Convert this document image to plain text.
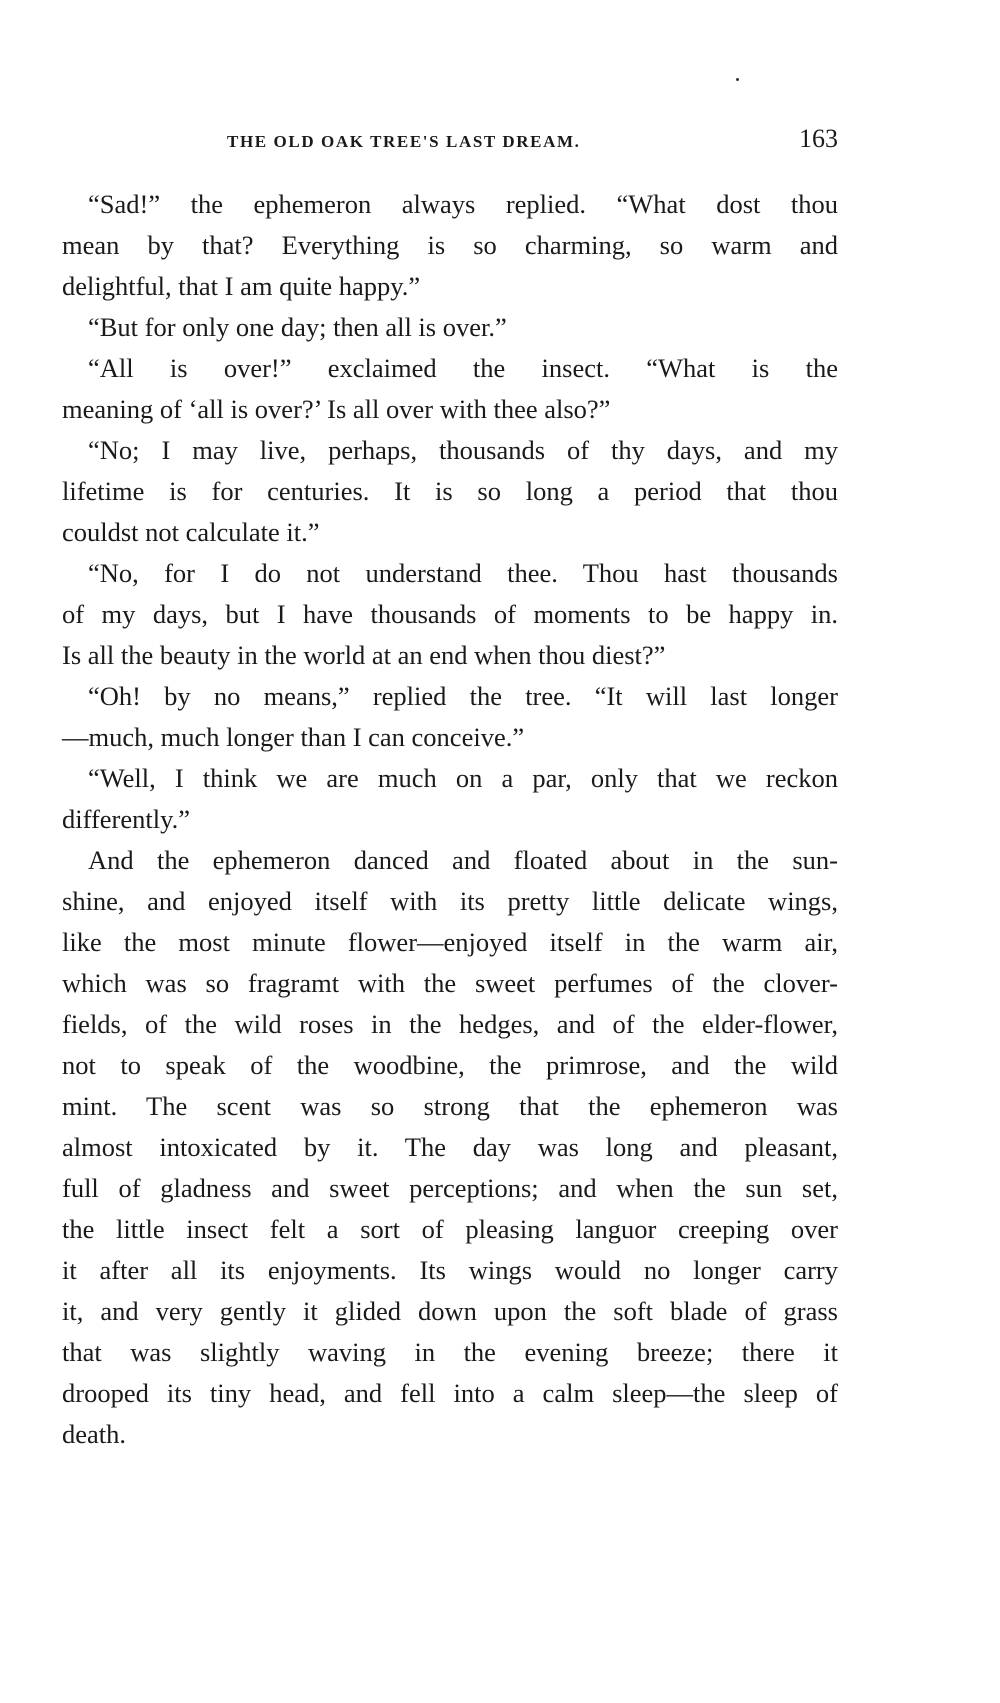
THE OLD OAK TREE'S LAST DREAM.	163
“Sad!” the ephemeron always replied. “What dost thou
mean by that? Everything is so charming, so warm and
delightful, that I am quite happy.”
“But for only one day; then all is over.”
“All is over!” exclaimed the insect. “What is the
meaning of ‘all is over?’ Is all over with thee also?”
“No; I may live, perhaps, thousands of thy days, and my
lifetime is for centuries. It is so long a period that thou
couldst not calculate it.”
“No, for I do not understand thee. Thou hast thousands
of my days, but I have thousands of moments to be happy in.
Is all the beauty in the world at an end when thou diest?”
“Oh! by no means,” replied the tree. “It will last longer
—much, much longer than I can conceive.”
“Well, I think we are much on a par, only that we reckon
differently.”
And the ephemeron danced and floated about in the sun-
shine, and enjoyed itself with its pretty little delicate wings,
like the most minute flower—enjoyed itself in the warm air,
which was so fragramt with the sweet perfumes of the clover-
fields, of the wild roses in the hedges, and of the elder-flower,
not to speak of the woodbine, the primrose, and the wild
mint. The scent was so strong that the ephemeron was
almost intoxicated by it. The day was long and pleasant,
full of gladness and sweet perceptions; and when the sun set,
the little insect felt a sort of pleasing languor creeping over
it after all its enjoyments. Its wings would no longer carry
it, and very gently it glided down upon the soft blade of grass
that was slightly waving in the evening breeze; there it
drooped its tiny head, and fell into a calm sleep—the sleep of
death.
